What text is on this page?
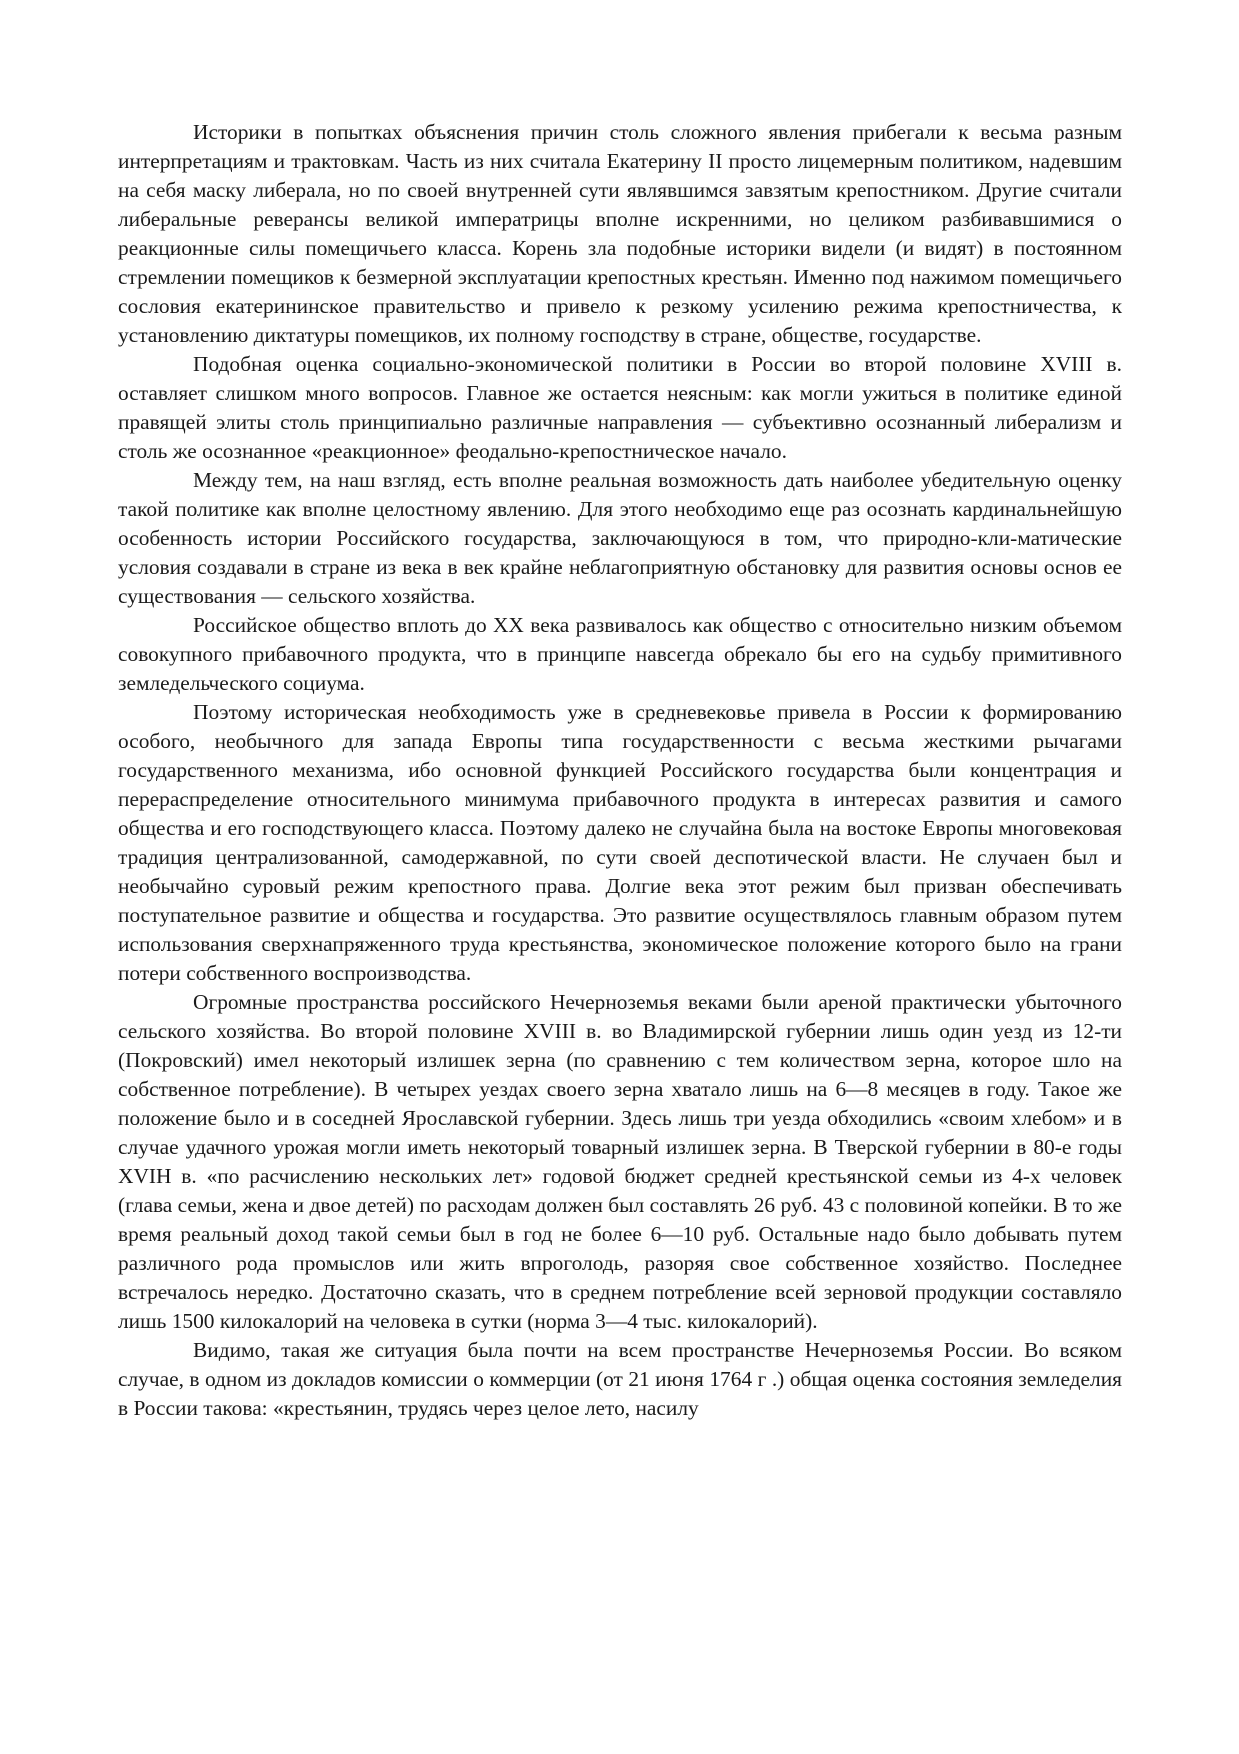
Историки в попытках объяснения причин столь сложного явления прибегали к весьма разным интерпретациям и трактовкам. Часть из них считала Екатерину II просто лицемерным политиком, надевшим на себя маску либерала, но по своей внутренней сути являвшимся завзятым крепостником. Другие считали либеральные реверансы великой императрицы вполне искренними, но целиком разбивавшимися о реакционные силы помещичьего класса. Корень зла подобные историки видели (и видят) в постоянном стремлении помещиков к безмерной эксплуатации крепостных крестьян. Именно под нажимом помещичьего сословия екатерининское правительство и привело к резкому усилению режима крепостничества, к установлению диктатуры помещиков, их полному господству в стране, обществе, государстве.

Подобная оценка социально-экономической политики в России во второй половине XVIII в. оставляет слишком много вопросов. Главное же остается неясным: как могли ужиться в политике единой правящей элиты столь принципиально различные направления — субъективно осознанный либерализм и столь же осознанное «реакционное» феодально-крепостническое начало.

Между тем, на наш взгляд, есть вполне реальная возможность дать наиболее убедительную оценку такой политике как вполне целостному явлению. Для этого необходимо еще раз осознать кардинальнейшую особенность истории Российского государства, заключающуюся в том, что природно-кли-матические условия создавали в стране из века в век крайне неблагоприятную обстановку для развития основы основ ее существования — сельского хозяйства.

Российское общество вплоть до XX века развивалось как общество с относительно низким объемом совокупного прибавочного продукта, что в принципе навсегда обрекало бы его на судьбу примитивного земледельческого социума.

Поэтому историческая необходимость уже в средневековье привела в России к формированию особого, необычного для запада Европы типа государственности с весьма жесткими рычагами государственного механизма, ибо основной функцией Российского государства были концентрация и перераспределение относительного минимума прибавочного продукта в интересах развития и самого общества и его господствующего класса. Поэтому далеко не случайна была на востоке Европы многовековая традиция централизованной, самодержавной, по сути своей деспотической власти. Не случаен был и необычайно суровый режим крепостного права. Долгие века этот режим был призван обеспечивать поступательное развитие и общества и государства. Это развитие осуществлялось главным образом путем использования сверхнапряженного труда крестьянства, экономическое положение которого было на грани потери собственного воспроизводства.

Огромные пространства российского Нечерноземья веками были ареной практически убыточного сельского хозяйства. Во второй половине XVIII в. во Владимирской губернии лишь один уезд из 12-ти (Покровский) имел некоторый излишек зерна (по сравнению с тем количеством зерна, которое шло на собственное потребление). В четырех уездах своего зерна хватало лишь на 6—8 месяцев в году. Такое же положение было и в соседней Ярославской губернии. Здесь лишь три уезда обходились «своим хлебом» и в случае удачного урожая могли иметь некоторый товарный излишек зерна. В Тверской губернии в 80-е годы XVIH в. «по расчислению нескольких лет» годовой бюджет средней крестьянской семьи из 4-х человек (глава семьи, жена и двое детей) по расходам должен был составлять 26 руб. 43 с половиной копейки. В то же время реальный доход такой семьи был в год не более 6—10 руб. Остальные надо было добывать путем различного рода промыслов или жить впроголодь, разоряя свое собственное хозяйство. Последнее встречалось нередко. Достаточно сказать, что в среднем потребление всей зерновой продукции составляло лишь 1500 килокалорий на человека в сутки (норма 3—4 тыс. килокалорий).

Видимо, такая же ситуация была почти на всем пространстве Нечерноземья России. Во всяком случае, в одном из докладов комиссии о коммерции (от 21 июня 1764 г .) общая оценка состояния земледелия в России такова: «крестьянин, трудясь через целое лето, насилу
